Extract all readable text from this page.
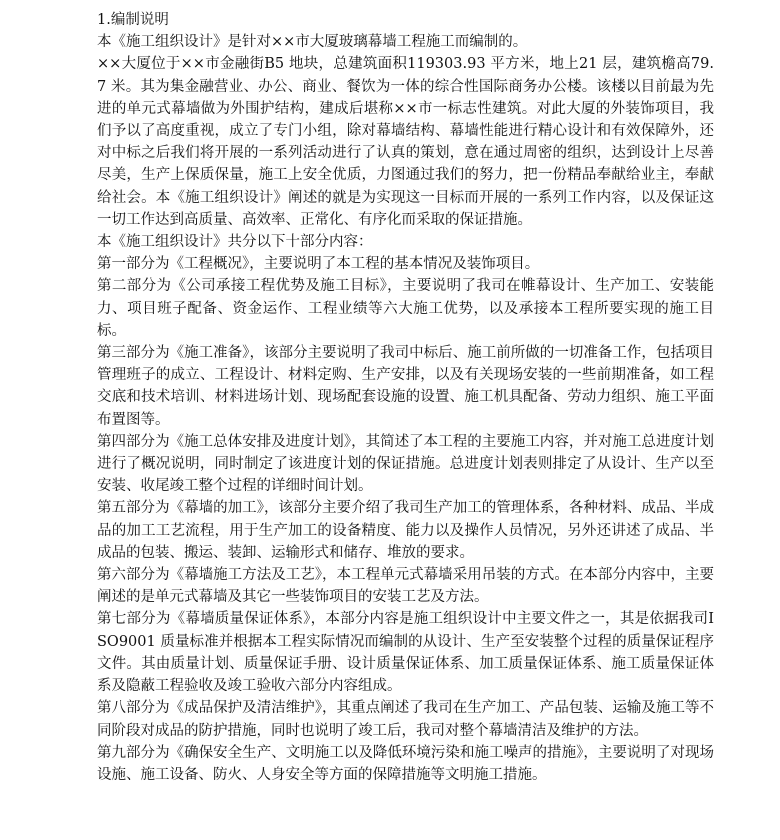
1.编制说明

本《施工组织设计》是针对××市大厦玻璃幕墙工程施工而编制的。

××大厦位于××市金融街B5 地块，总建筑面积119303.93 平方米，地上21 层，建筑檐高79.7 米。其为集金融营业、办公、商业、餐饮为一体的综合性国际商务办公楼。该楼以目前最为先进的单元式幕墙做为外围护结构，建成后堪称××市一标志性建筑。对此大厦的外装饰项目，我们予以了高度重视，成立了专门小组，除对幕墙结构、幕墙性能进行精心设计和有效保障外，还对中标之后我们将开展的一系列活动进行了认真的策划，意在通过周密的组织，达到设计上尽善尽美，生产上保质保量，施工上安全优质，力图通过我们的努力，把一份精品奉献给业主，奉献给社会。本《施工组织设计》阐述的就是为实现这一目标而开展的一系列工作内容，以及保证这一切工作达到高质量、高效率、正常化、有序化而采取的保证措施。

本《施工组织设计》共分以下十部分内容：

第一部分为《工程概况》，主要说明了本工程的基本情况及装饰项目。

第二部分为《公司承接工程优势及施工目标》，主要说明了我司在帷幕设计、生产加工、安装能力、项目班子配备、资金运作、工程业绩等六大施工优势，以及承接本工程所要实现的施工目标。

第三部分为《施工准备》，该部分主要说明了我司中标后、施工前所做的一切准备工作，包括项目管理班子的成立、工程设计、材料定购、生产安排，以及有关现场安装的一些前期准备，如工程交底和技术培训、材料进场计划、现场配套设施的设置、施工机具配备、劳动力组织、施工平面布置图等。

第四部分为《施工总体安排及进度计划》，其简述了本工程的主要施工内容，并对施工总进度计划进行了概况说明，同时制定了该进度计划的保证措施。总进度计划表则排定了从设计、生产以至安装、收尾竣工整个过程的详细时间计划。

第五部分为《幕墙的加工》，该部分主要介绍了我司生产加工的管理体系，各种材料、成品、半成品的加工工艺流程，用于生产加工的设备精度、能力以及操作人员情况，另外还讲述了成品、半成品的包装、搬运、装卸、运输形式和储存、堆放的要求。

第六部分为《幕墙施工方法及工艺》，本工程单元式幕墙采用吊装的方式。在本部分内容中，主要阐述的是单元式幕墙及其它一些装饰项目的安装工艺及方法。

第七部分为《幕墙质量保证体系》，本部分内容是施工组织设计中主要文件之一，其是依据我司ISO9001 质量标准并根据本工程实际情况而编制的从设计、生产至安装整个过程的质量保证程序文件。其由质量计划、质量保证手册、设计质量保证体系、加工质量保证体系、施工质量保证体系及隐蔽工程验收及竣工验收六部分内容组成。

第八部分为《成品保护及清洁维护》，其重点阐述了我司在生产加工、产品包装、运输及施工等不同阶段对成品的防护措施，同时也说明了竣工后，我司对整个幕墙清洁及维护的方法。

第九部分为《确保安全生产、文明施工以及降低环境污染和施工噪声的措施》，主要说明了对现场设施、施工设备、防火、人身安全等方面的保障措施等文明施工措施。
